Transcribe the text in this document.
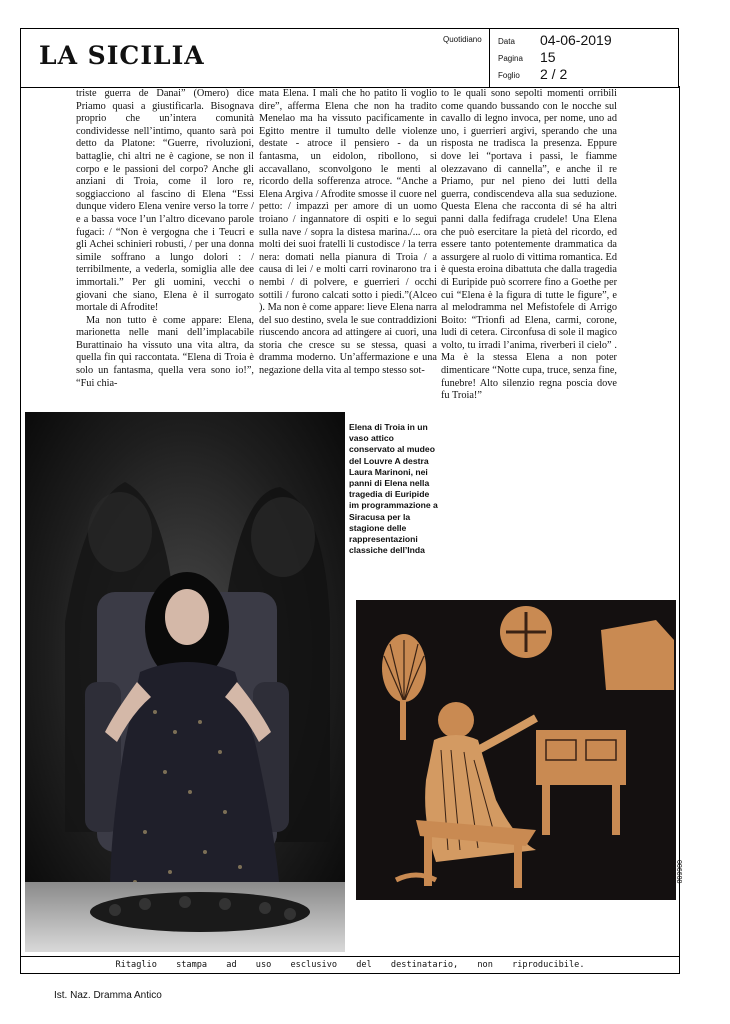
LA SICILIA
Quotidiano Data 04-06-2019
Pagina 15
Foglio 2 / 2

triste guerra de Danai” (Omero) dice Priamo quasi a giustificarla. Bisognava proprio che un’intera comunità condividesse nell’intimo, quanto sarà poi detto da Platone: “Guerre, rivoluzioni, battaglie, chi altri ne è cagione, se non il corpo e le passioni del corpo? Anche gli anziani di Troia, come il loro re, soggiacciono al fascino di Elena “Essi dunque videro Elena venire verso la torre / e a bassa voce l’un l’altro dicevano parole fugaci: / “Non è vergogna che i Teucri e gli Achei schinieri robusti, / per una donna simile soffrano a lungo dolori : / terribilmente, a vederla, somiglia alle dee immortali.” Per gli uomini, vecchi o giovani che siano, Elena è il surrogato mortale di Afrodite!

Ma non tutto è come appare: Elena, marionetta nelle mani dell’implacabile Burattinaio ha vissuto una vita altra, da quella fin qui raccontata. “Elena di Troia è solo un fantasma, quella vera sono io!”, “Fui chia-

mata Elena. I mali che ho patito li voglio dire”, afferma Elena che non ha tradito Menelao ma ha vissuto pacificamente in Egitto mentre il tumulto delle violenze destate - atroce il pensiero - da un fantasma, un eidolon, ribollono, si accavallano, sconvolgono le menti al ricordo della sofferenza atroce. “Anche a Elena Argiva / Afrodite smosse il cuore nel petto: / impazzì per amore di un uomo troiano / ingannatore di ospiti e lo seguì sulla nave / sopra la distesa marina./... ora molti dei suoi fratelli li custodisce / la terra nera: domati nella pianura di Troia / a causa di lei / e molti carri rovinarono tra i nembi / di polvere, e guerrieri / occhi sottili / furono calcati sotto i piedi.”(Alceo ). Ma non è come appare: lieve Elena narra del suo destino, svela le sue contraddizioni riuscendo ancora ad attingere ai cuori, una storia che cresce su se stessa, quasi a dramma moderno. Un’affermazione e una negazione della vita al tempo stesso sot-

to le quali sono sepolti momenti orribili come quando bussando con le nocche sul cavallo di legno invoca, per nome, uno ad uno, i guerrieri argivi, sperando che una risposta ne tradisca la presenza. Eppure dove lei “portava i passi, le fiamme olezzavano di cannella”, e anche il re Priamo, pur nel pieno dei lutti della guerra, condiscendeva alla sua seduzione. Questa Elena che racconta di sé ha altri panni dalla fedifraga crudele! Una Elena che può esercitare la pietà del ricordo, ed essere tanto potentemente drammatica da assurgere al ruolo di vittima romantica. Ed è questa eroina dibattuta che dalla tragedia di Euripide può scorrere fino a Goethe per cui “Elena è la figura di tutte le figure”, e al melodramma nel Mefistofele di Arrigo Boito: “Trionfi ad Elena, carmi, corone, ludi di cetera. Circonfusa di sole il magico volto, tu irradi l’anima, riverberi il cielo” . Ma è la stessa Elena a non poter dimenticare “Notte cupa, truce, senza fine, funebre! Alto silenzio regna poscia dove fu Troia!”

Elena di Troia in un vaso attico conservato al mudeo del Louvre A destra Laura Marinoni, nei panni di Elena nella tragedia di Euripide im programmazione a Siracusa per la stagione delle rappresentazioni classiche dell’Inda
Ritaglio stampa ad uso esclusivo del destinatario, non riproducibile.
Ist. Naz. Dramma Antico
006608
